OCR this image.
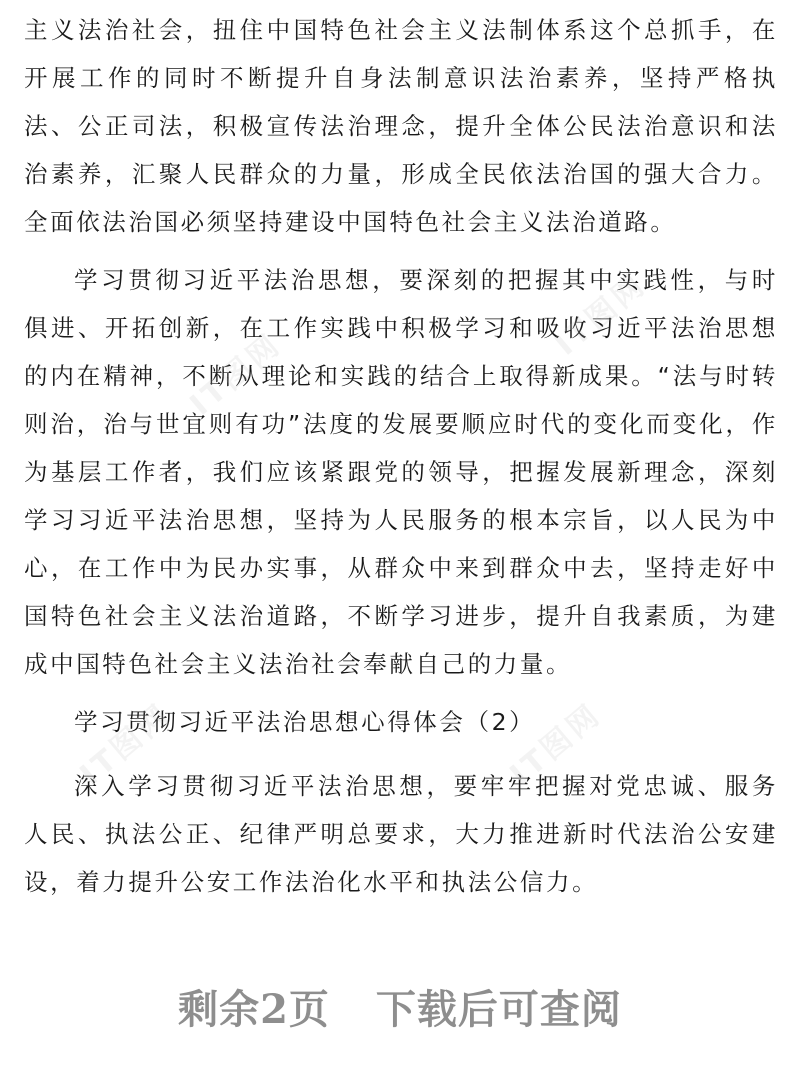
主义法治社会，扭住中国特色社会主义法制体系这个总抓手，在开展工作的同时不断提升自身法制意识法治素养，坚持严格执法、公正司法，积极宣传法治理念，提升全体公民法治意识和法治素养，汇聚人民群众的力量，形成全民依法治国的强大合力。全面依法治国必须坚持建设中国特色社会主义法治道路。

学习贯彻习近平法治思想，要深刻的把握其中实践性，与时俱进、开拓创新，在工作实践中积极学习和吸收习近平法治思想的内在精神，不断从理论和实践的结合上取得新成果。“法与时转则治，治与世宜则有功”法度的发展要顺应时代的变化而变化，作为基层工作者，我们应该紧跟党的领导，把握发展新理念，深刻学习习近平法治思想，坚持为人民服务的根本宗旨，以人民为中心，在工作中为民办实事，从群众中来到群众中去，坚持走好中国特色社会主义法治道路，不断学习进步，提升自我素质，为建成中国特色社会主义法治社会奉献自己的力量。

学习贯彻习近平法治思想心得体会（2）

深入学习贯彻习近平法治思想，要牢牢把握对党忠诚、服务人民、执法公正、纪律严明总要求，大力推进新时代法治公安建设，着力提升公安工作法治化水平和执法公信力。

IT图网
IT图网
IT图网
IT图网
剩余2页 下载后可查阅
